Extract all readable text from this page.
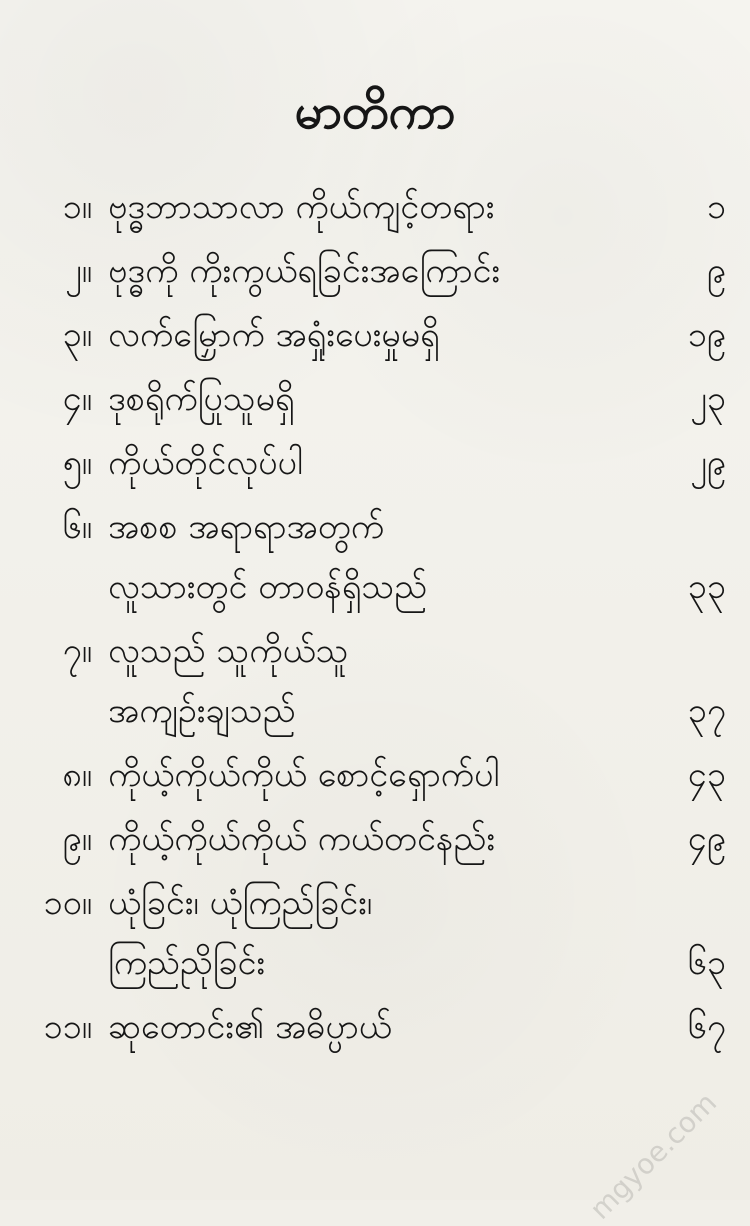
မာတိကာ
၁။ ဗုဒ္ဓဘာသာလာ ကိုယ်ကျင့်တရား	၁
၂။ ဗုဒ္ဓကို ကိုးကွယ်ရခြင်းအကြောင်း	၉
၃။ လက်မြှောက် အရှုံးပေးမှုမရှိ	၁၉
၄။ ဒုစရိုက်ပြုသူမရှိ	၂၃
၅။ ကိုယ်တိုင်လုပ်ပါ	၂၉
၆။ အစစ အရာရာအတွက်
လူသားတွင် တာဝန်ရှိသည်	၃၃
၇။ လူသည် သူကိုယ်သူ
အကျဥ်းချသည်	၃၇
၈။ ကိုယ့်ကိုယ်ကိုယ် စောင့်ရှောက်ပါ	၄၃
၉။ ကိုယ့်ကိုယ်ကိုယ် ကယ်တင်နည်း	၄၉
၁၀။ ယုံခြင်း၊ ယုံကြည်ခြင်း၊
ကြည်ညိုခြင်း	၆၃
၁၁။ ဆုတောင်း၏ အဓိပ္ပာယ်	၆၇
mgyoe.com
